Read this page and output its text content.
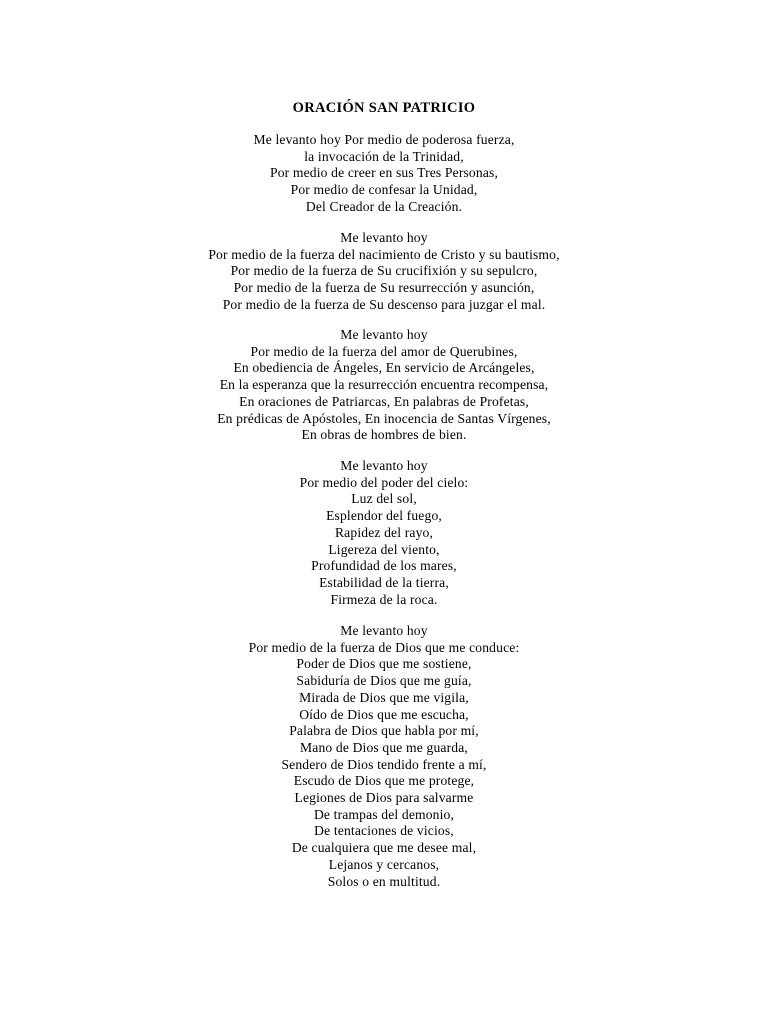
ORACIÓN SAN PATRICIO
Me levanto hoy Por medio de poderosa fuerza,
la invocación de la Trinidad,
Por medio de creer en sus Tres Personas,
Por medio de confesar la Unidad,
Del Creador de la Creación.
Me levanto hoy
Por medio de la fuerza del nacimiento de Cristo y su bautismo,
Por medio de la fuerza de Su crucifixión y su sepulcro,
Por medio de la fuerza de Su resurrección y asunción,
Por medio de la fuerza de Su descenso para juzgar el mal.
Me levanto hoy
Por medio de la fuerza del amor de Querubines,
En obediencia de Ángeles, En servicio de Arcángeles,
En la esperanza que la resurrección encuentra recompensa,
En oraciones de Patriarcas, En palabras de Profetas,
En prédicas de Apóstoles, En inocencia de Santas Vírgenes,
En obras de hombres de bien.
Me levanto hoy
Por medio del poder del cielo:
Luz del sol,
Esplendor del fuego,
Rapidez del rayo,
Ligereza del viento,
Profundidad de los mares,
Estabilidad de la tierra,
Firmeza de la roca.
Me levanto hoy
Por medio de la fuerza de Dios que me conduce:
Poder de Dios que me sostiene,
Sabiduría de Dios que me guía,
Mirada de Dios que me vigila,
Oído de Dios que me escucha,
Palabra de Dios que habla por mí,
Mano de Dios que me guarda,
Sendero de Dios tendido frente a mí,
Escudo de Dios que me protege,
Legiones de Dios para salvarme
De trampas del demonio,
De tentaciones de vicios,
De cualquiera que me desee mal,
Lejanos y cercanos,
Solos o en multitud.
